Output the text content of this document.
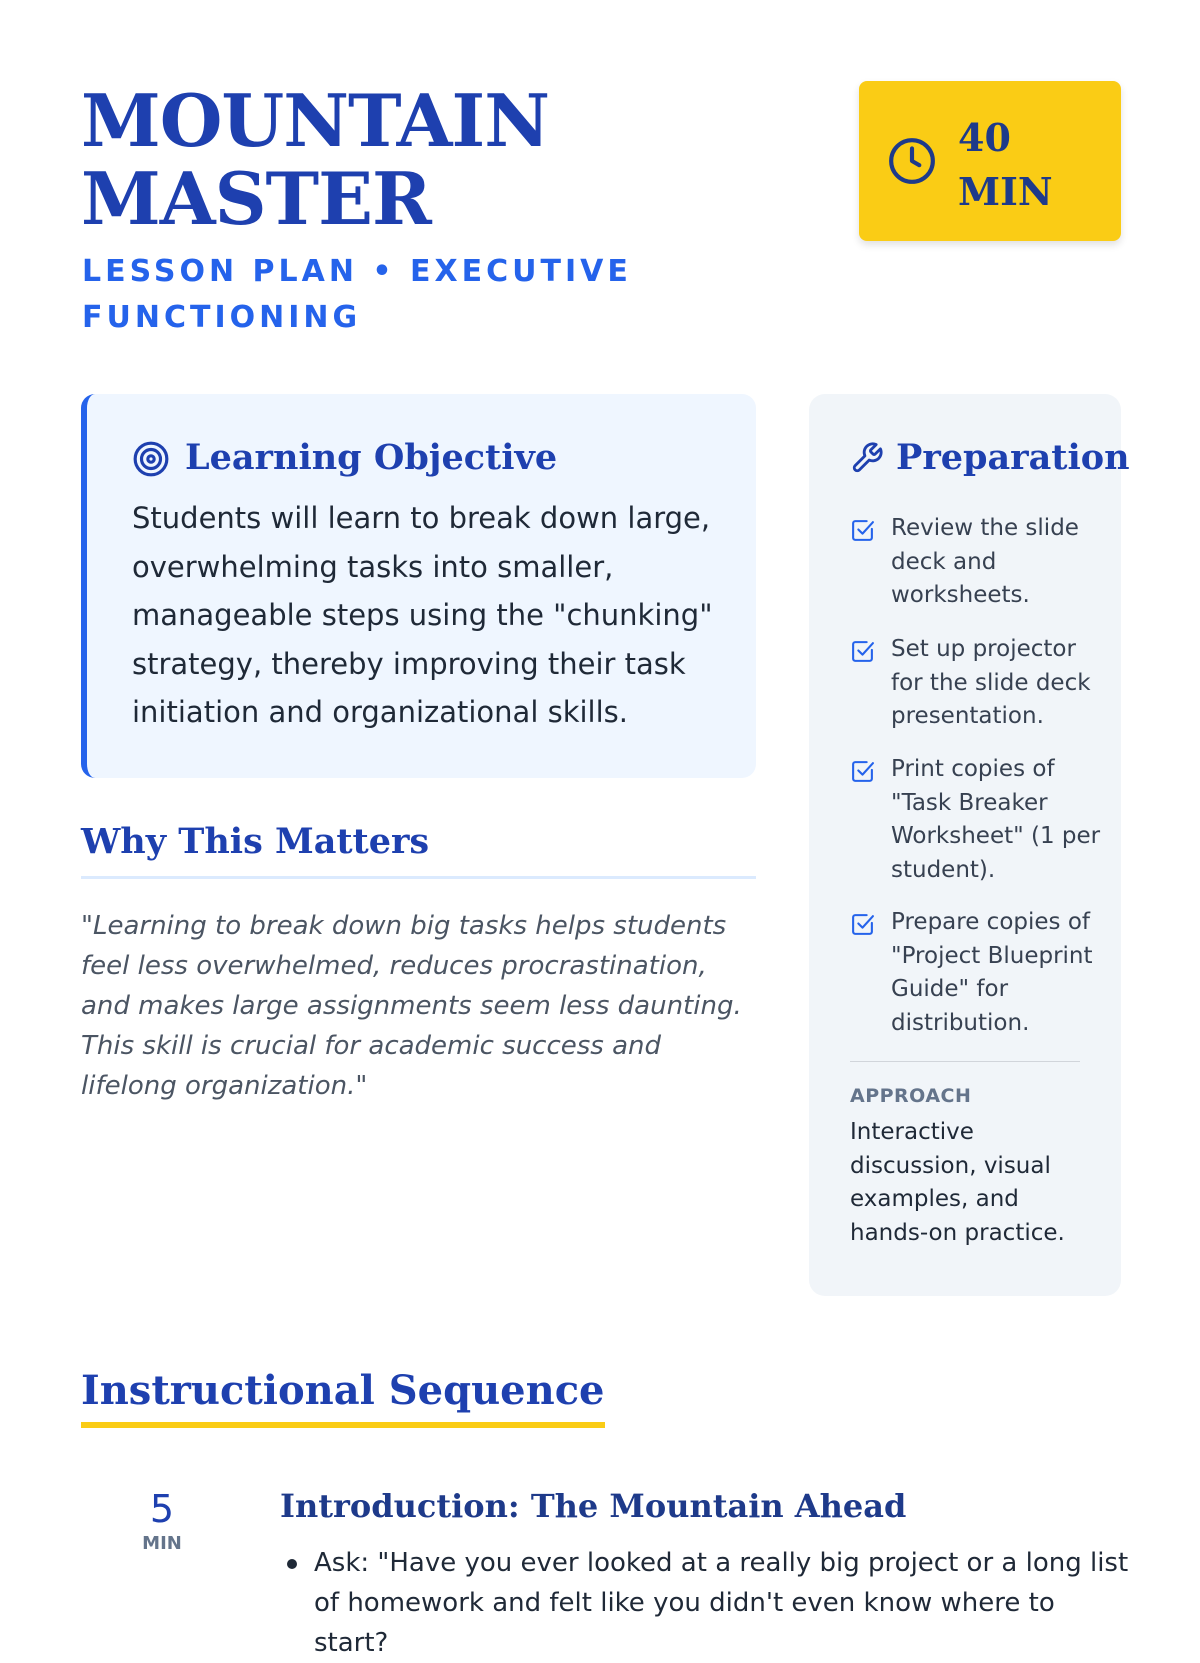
MOUNTAIN MASTER
LESSON PLAN • EXECUTIVE FUNCTIONING
40 MIN
Learning Objective

Students will learn to break down large, overwhelming tasks into smaller, manageable steps using the "chunking" strategy, thereby improving their task initiation and organizational skills.

Why This Matters

"Learning to break down big tasks helps students feel less overwhelmed, reduces procrastination, and makes large assignments seem less daunting. This skill is crucial for academic success and lifelong organization."

Preparation
Review the slide deck and worksheets.
Set up projector for the slide deck presentation.
Print copies of "Task Breaker Worksheet" (1 per student).
Prepare copies of "Project Blueprint Guide" for distribution.
APPROACH
Interactive discussion, visual examples, and hands-on practice.
Instructional Sequence
5
MIN
Introduction: The Mountain Ahead

Ask: "Have you ever looked at a really big project or a long list of homework and felt like you didn't even know where to start?
